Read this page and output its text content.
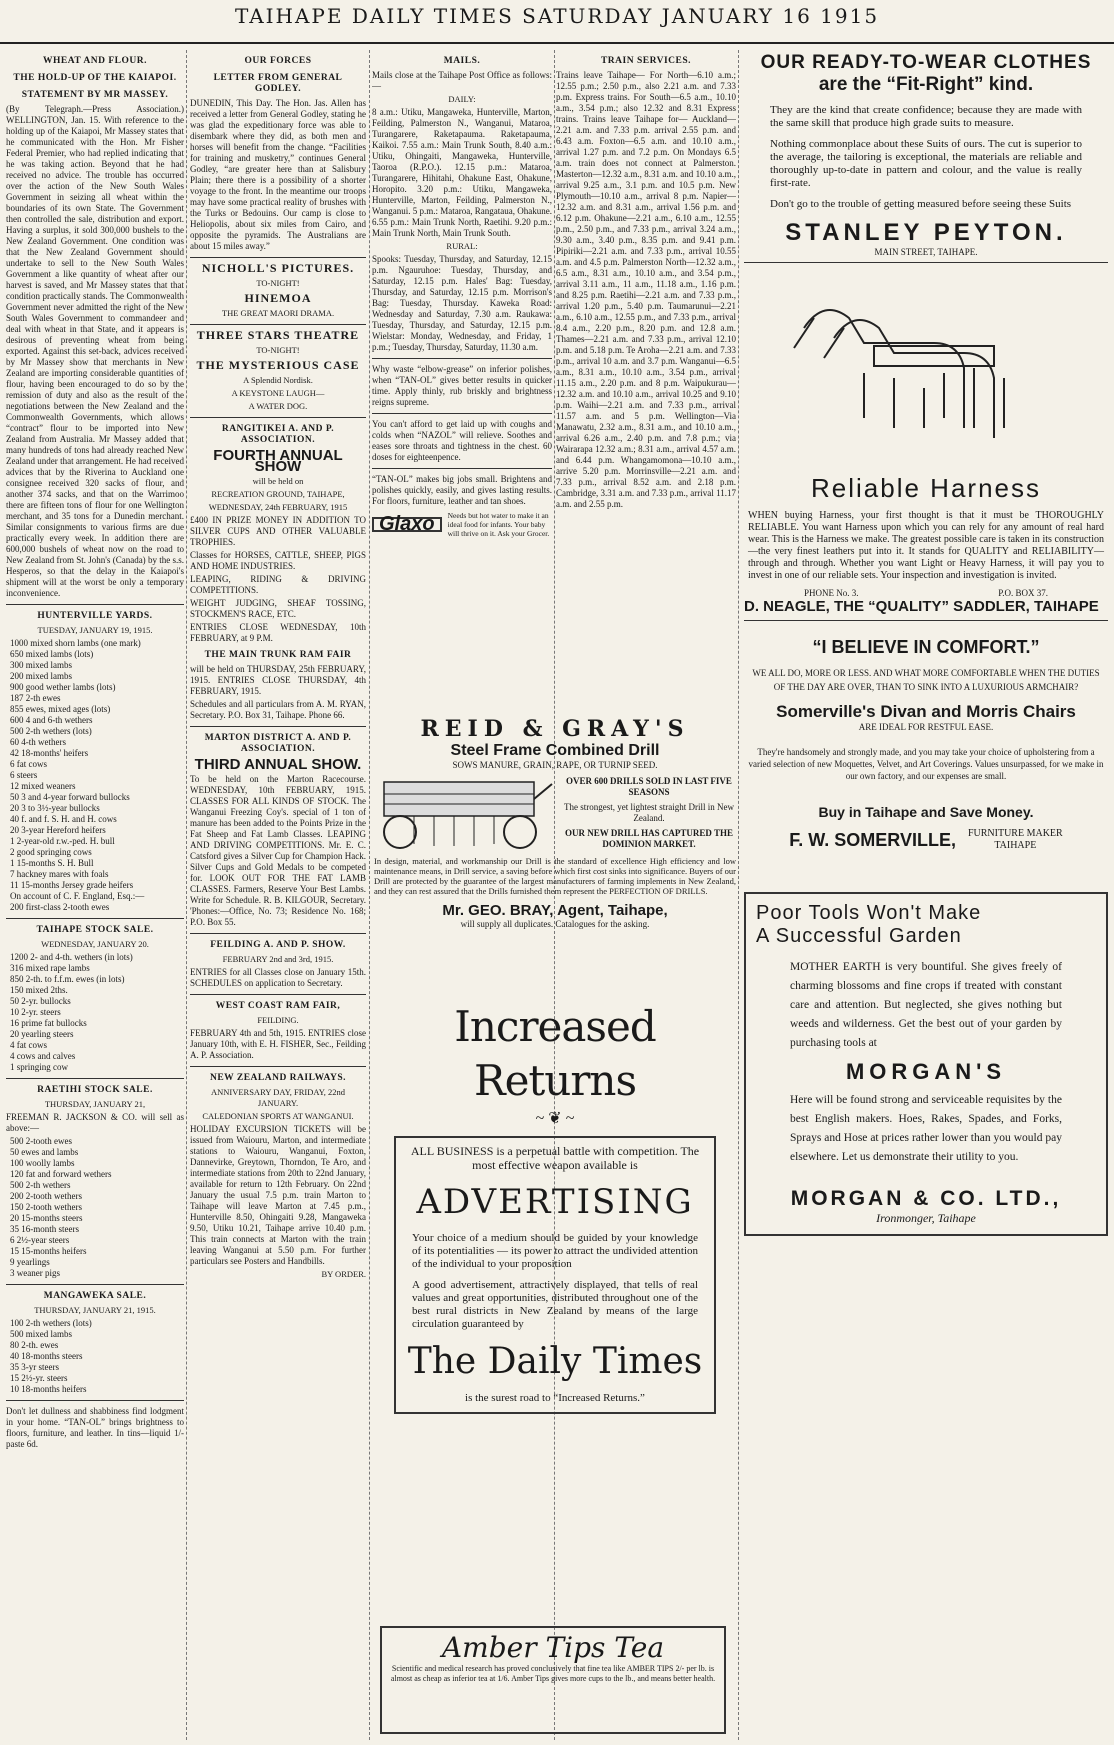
TAIHAPE DAILY TIMES SATURDAY JANUARY 16 1915
WHEAT AND FLOUR.
THE HOLD-UP OF THE KAIAPOI.
STATEMENT BY MR MASSEY.

(By Telegraph.—Press Association.) WELLINGTON, Jan. 15. With reference to the holding up of the Kaiapoi, Mr Massey states that he communicated with the Hon. Mr Fisher Federal Premier, who had replied indicating that he was taking action. Beyond that he had received no advice. The trouble has occurred over the action of the New South Wales Government in seizing all wheat within the boundaries of its own State. The Government then controlled the sale, distribution and export. Having a surplus, it sold 300,000 bushels to the New Zealand Government. One condition was that the New Zealand Government should undertake to sell to the New South Wales Government a like quantity of wheat after our harvest is saved, and Mr Massey states that that condition practically stands. The Commonwealth Government never admitted the right of the New South Wales Government to commandeer and deal with wheat in that State, and it appears is desirous of preventing wheat from being exported. Against this set-back, advices received by Mr Massey show that merchants in New Zealand are importing considerable quantities of flour, having been encouraged to do so by the remission of duty and also as the result of the negotiations between the New Zealand and the Commonwealth Governments, which allows “contract” flour to be imported into New Zealand from Australia. Mr Massey added that many hundreds of tons had already reached New Zealand under that arrangement. He had received advices that by the Riverina to Auckland one consignee received 320 sacks of flour, and another 374 sacks, and that on the Warrimoo there are fifteen tons of flour for one Wellington merchant, and 35 tons for a Dunedin merchant. Similar consignments to various firms are due practically every week. In addition there are 600,000 bushels of wheat now on the road to New Zealand from St. John's (Canada) by the s.s. Hesperos, so that the delay in the Kaiapoi's shipment will at the worst be only a temporary inconvenience.

HUNTERVILLE YARDS.
TUESDAY, JANUARY 19, 1915.
1000 mixed shorn lambs (one mark)
650 mixed lambs (lots)
300 mixed lambs
200 mixed lambs
900 good wether lambs (lots)
187 2-th ewes
855 ewes, mixed ages (lots)
600 4 and 6-th wethers
500 2-th wethers (lots)
60 4-th wethers
42 18-months' heifers
6 fat cows
6 steers
12 mixed weaners
50 3 and 4-year forward bullocks
20 3 to 3½-year bullocks
40 f. and f. S. H. and H. cows
20 3-year Hereford heifers
1 2-year-old r.w.-ped. H. bull
2 good springing cows
1 15-months S. H. Bull
7 hackney mares with foals
11 15-months Jersey grade heifers
On account of C. F. England, Esq.:—
200 first-class 2-tooth ewes
TAIHAPE STOCK SALE.
WEDNESDAY, JANUARY 20.
1200 2- and 4-th. wethers (in lots)
316 mixed rape lambs
850 2-th. to f.f.m. ewes (in lots)
150 mixed 2ths.
50 2-yr. bullocks
10 2-yr. steers
16 prime fat bullocks
20 yearling steers
4 fat cows
4 cows and calves
1 springing cow
RAETIHI STOCK SALE.
THURSDAY, JANUARY 21,

FREEMAN R. JACKSON & CO. will sell as above:—

500 2-tooth ewes
50 ewes and lambs
100 woolly lambs
120 fat and forward wethers
500 2-th wethers
200 2-tooth wethers
150 2-tooth wethers
20 15-months steers
35 16-month steers
6 2½-year steers
15 15-months heifers
9 yearlings
3 weaner pigs
MANGAWEKA SALE.
THURSDAY, JANUARY 21, 1915.
100 2-th wethers (lots)
500 mixed lambs
80 2-th. ewes
40 18-months steers
35 3-yr steers
15 2½-yr. steers
10 18-months heifers

Don't let dullness and shabbiness find lodgment in your home. “TAN-OL” brings brightness to floors, furniture, and leather. In tins—liquid 1/- paste 6d.

OUR FORCES
LETTER FROM GENERAL GODLEY.

DUNEDIN, This Day. The Hon. Jas. Allen has received a letter from General Godley, stating he was glad the expeditionary force was able to disembark where they did, as both men and horses will benefit from the change. “Facilities for training and musketry,” continues General Godley, “are greater here than at Salisbury Plain; there there is a possibility of a shorter voyage to the front. In the meantime our troops may have some practical reality of brushes with the Turks or Bedouins. Our camp is close to Heliopolis, about six miles from Cairo, and opposite the pyramids. The Australians are about 15 miles away.”

NICHOLL'S PICTURES.
TO-NIGHT!
HINEMOA
THE GREAT MAORI DRAMA.
THREE STARS THEATRE
TO-NIGHT!
THE MYSTERIOUS CASE
A Splendid Nordisk.
A KEYSTONE LAUGH—
A WATER DOG.
RANGITIKEI A. AND P. ASSOCIATION.
FOURTH ANNUAL SHOW
will be held on
RECREATION GROUND, TAIHAPE,
WEDNESDAY, 24th FEBRUARY, 1915

£400 IN PRIZE MONEY IN ADDITION TO SILVER CUPS AND OTHER VALUABLE TROPHIES.

Classes for HORSES, CATTLE, SHEEP, PIGS AND HOME INDUSTRIES.

LEAPING, RIDING & DRIVING COMPETITIONS.

WEIGHT JUDGING, SHEAF TOSSING, STOCKMEN'S RACE, ETC.

ENTRIES CLOSE WEDNESDAY, 10th FEBRUARY, at 9 P.M.

THE MAIN TRUNK RAM FAIR

will be held on THURSDAY, 25th FEBRUARY, 1915. ENTRIES CLOSE THURSDAY, 4th FEBRUARY, 1915.

Schedules and all particulars from A. M. RYAN, Secretary. P.O. Box 31, Taihape. Phone 66.

MARTON DISTRICT A. AND P. ASSOCIATION.
THIRD ANNUAL SHOW.

To be held on the Marton Racecourse. WEDNESDAY, 10th FEBRUARY, 1915. CLASSES FOR ALL KINDS OF STOCK. The Wanganui Freezing Coy's. special of 1 ton of manure has been added to the Points Prize in the Fat Sheep and Fat Lamb Classes. LEAPING AND DRIVING COMPETITIONS. Mr. E. C. Catsford gives a Silver Cup for Champion Hack. Silver Cups and Gold Medals to be competed for. LOOK OUT FOR THE FAT LAMB CLASSES. Farmers, Reserve Your Best Lambs. Write for Schedule. R. B. KILGOUR, Secretary. 'Phones:—Office, No. 73; Residence No. 168; P.O. Box 55.

FEILDING A. AND P. SHOW.
FEBRUARY 2nd and 3rd, 1915.

ENTRIES for all Classes close on January 15th. SCHEDULES on application to Secretary.

WEST COAST RAM FAIR,
FEILDING.

FEBRUARY 4th and 5th, 1915. ENTRIES close January 10th, with E. H. FISHER, Sec., Feilding A. P. Association.

NEW ZEALAND RAILWAYS.
ANNIVERSARY DAY, FRIDAY, 22nd JANUARY.
CALEDONIAN SPORTS AT WANGANUI.

HOLIDAY EXCURSION TICKETS will be issued from Waiouru, Marton, and intermediate stations to Waiouru, Wanganui, Foxton, Dannevirke, Greytown, Thorndon, Te Aro, and intermediate stations from 20th to 22nd January, available for return to 12th February. On 22nd January the usual 7.5 p.m. train Marton to Taihape will leave Marton at 7.45 p.m., Hunterville 8.50, Ohingaiti 9.28, Mangaweka 9.50, Utiku 10.21, Taihape arrive 10.40 p.m. This train connects at Marton with the train leaving Wanganui at 5.50 p.m. For further particulars see Posters and Handbills.

BY ORDER.
MAILS.

Mails close at the Taihape Post Office as follows:—

DAILY:

8 a.m.: Utiku, Mangaweka, Hunterville, Marton, Feilding, Palmerston N., Wanganui, Mataroa, Turangarere, Raketapauma. Raketapauma, Kaikoi. 7.55 a.m.: Main Trunk South, 8.40 a.m.: Utiku, Ohingaiti, Mangaweka, Hunterville, Taoroa (R.P.O.). 12.15 p.m.: Mataroa, Turangarere, Hihitahi, Ohakune East, Ohakune, Horopito. 3.20 p.m.: Utiku, Mangaweka, Hunterville, Marton, Feilding, Palmerston N., Wanganui. 5 p.m.: Mataroa, Rangataua, Ohakune. 6.55 p.m.: Main Trunk North, Raetihi. 9.20 p.m.: Main Trunk North, Main Trunk South.

RURAL:

Spooks: Tuesday, Thursday, and Saturday, 12.15 p.m. Ngauruhoe: Tuesday, Thursday, and Saturday, 12.15 p.m. Hales' Bag: Tuesday, Thursday, and Saturday, 12.15 p.m. Morrison's Bag: Tuesday, Thursday. Kaweka Road: Wednesday and Saturday, 7.30 a.m. Raukawa: Tuesday, Thursday, and Saturday, 12.15 p.m. Wielstar: Monday, Wednesday, and Friday, 1 p.m.; Tuesday, Thursday, Saturday, 11.30 a.m.

Why waste “elbow-grease” on inferior polishes, when “TAN-OL” gives better results in quicker time. Apply thinly, rub briskly and brightness reigns supreme.

You can't afford to get laid up with coughs and colds when “NAZOL” will relieve. Soothes and eases sore throats and tightness in the chest. 60 doses for eighteenpence.

“TAN-OL” makes big jobs small. Brightens and polishes quickly, easily, and gives lasting results. For floors, furniture, leather and tan shoes.

Glaxo	Needs but hot water to make it an ideal food for infants. Your baby will thrive on it. Ask your Grocer.
TRAIN SERVICES.

Trains leave Taihape— For North—6.10 a.m.; 12.55 p.m.; 2.50 p.m., also 2.21 a.m. and 7.33 p.m. Express trains. For South—6.5 a.m., 10.10 a.m., 3.54 p.m.; also 12.32 and 8.31 Express trains. Trains leave Taihape for— Auckland—2.21 a.m. and 7.33 p.m. arrival 2.55 p.m. and 6.43 a.m. Foxton—6.5 a.m. and 10.10 a.m., arrival 1.27 p.m. and 7.2 p.m. On Mondays 6.5 a.m. train does not connect at Palmerston. Masterton—12.32 a.m., 8.31 a.m. and 10.10 a.m., arrival 9.25 a.m., 3.1 p.m. and 10.5 p.m. New Plymouth—10.10 a.m., arrival 8 p.m. Napier—12.32 a.m. and 8.31 a.m., arrival 1.56 p.m. and 6.12 p.m. Ohakune—2.21 a.m., 6.10 a.m., 12.55 p.m., 2.50 p.m., and 7.33 p.m., arrival 3.24 a.m., 9.30 a.m., 3.40 p.m., 8.35 p.m. and 9.41 p.m. Pipiriki—2.21 a.m. and 7.33 p.m., arrival 10.55 a.m. and 4.5 p.m. Palmerston North—12.32 a.m., 6.5 a.m., 8.31 a.m., 10.10 a.m., and 3.54 p.m., arrival 3.11 a.m., 11 a.m., 11.18 a.m., 1.16 p.m. and 8.25 p.m. Raetihi—2.21 a.m. and 7.33 p.m., arrival 1.20 p.m., 5.40 p.m. Taumarunui—2.21 a.m., 6.10 a.m., 12.55 p.m., and 7.33 p.m., arrival 8.4 a.m., 2.20 p.m., 8.20 p.m. and 12.8 a.m. Thames—2.21 a.m. and 7.33 p.m., arrival 12.10 p.m. and 5.18 p.m. Te Aroha—2.21 a.m. and 7.33 p.m., arrival 10 a.m. and 3.7 p.m. Wanganui—6.5 a.m., 8.31 a.m., 10.10 a.m., 3.54 p.m., arrival 11.15 a.m., 2.20 p.m. and 8 p.m. Waipukurau—12.32 a.m. and 10.10 a.m., arrival 10.25 and 9.10 p.m. Waihi—2.21 a.m. and 7.33 p.m., arrival 11.57 a.m. and 5 p.m. Wellington—Via Manawatu, 2.32 a.m., 8.31 a.m., and 10.10 a.m., arrival 6.26 a.m., 2.40 p.m. and 7.8 p.m.; via Wairarapa 12.32 a.m.; 8.31 a.m., arrival 4.57 a.m. and 6.44 p.m. Whangamomona—10.10 a.m., arrive 5.20 p.m. Morrinsville—2.21 a.m. and 7.33 p.m., arrival 8.52 a.m. and 2.18 p.m. Cambridge, 3.31 a.m. and 7.33 p.m., arrival 11.17 a.m. and 2.55 p.m.

REID & GRAY'S
Steel Frame Combined Drill
SOWS MANURE, GRAIN, RAPE, OR TURNIP SEED.
OVER 600 DRILLS SOLD IN LAST FIVE SEASONS
The strongest, yet lightest straight Drill in New Zealand.
OUR NEW DRILL HAS CAPTURED THE DOMINION MARKET.

In design, material, and workmanship our Drill is the standard of excellence High efficiency and low maintenance means, in Drill service, a saving before which first cost sinks into significance. Buyers of our Drill are protected by the guarantee of the largest manufacturers of farming implements in New Zealand, and they can rest assured that the Drills furnished them represent the PERFECTION OF DRILLS.

Mr. GEO. BRAY, Agent, Taihape,
will supply all duplicates. Catalogues for the asking.
Increased Returns
~ ❦ ~

ALL BUSINESS is a perpetual battle with competition. The most effective weapon available is

ADVERTISING

Your choice of a medium should be guided by your knowledge of its potentialities — its power to attract the undivided attention of the individual to your proposition

A good advertisement, attractively displayed, that tells of real values and great opportunities, distributed throughout one of the best rural districts in New Zealand by means of the large circulation guaranteed by

The Daily Times

is the surest road to “Increased Returns.”

Amber Tips Tea

Scientific and medical research has proved conclusively that fine tea like AMBER TIPS 2/- per lb. is almost as cheap as inferior tea at 1/6. Amber Tips gives more cups to the lb., and means better health.

OUR READY-TO-WEAR CLOTHES
are the “Fit-Right” kind.

They are the kind that create confidence; because they are made with the same skill that produce high grade suits to measure.

Nothing commonplace about these Suits of ours. The cut is superior to the average, the tailoring is exceptional, the materials are reliable and thoroughly up-to-date in pattern and colour, and the value is really first-rate.

Don't go to the trouble of getting measured before seeing these Suits

STANLEY PEYTON.
MAIN STREET, TAIHAPE.
Reliable Harness

WHEN buying Harness, your first thought is that it must be THOROUGHLY RELIABLE. You want Harness upon which you can rely for any amount of real hard wear. This is the Harness we make. The greatest possible care is taken in its construction—the very finest leathers put into it. It stands for QUALITY and RELIABILITY—through and through. Whether you want Light or Heavy Harness, it will pay you to invest in one of our reliable sets. Your inspection and investigation is invited.

PHONE No. 3.	P.O. BOX 37.
D. NEAGLE, THE “QUALITY” SADDLER, TAIHAPE
“I BELIEVE IN COMFORT.”

WE ALL DO, MORE OR LESS. AND WHAT MORE COMFORTABLE WHEN THE DUTIES OF THE DAY ARE OVER, THAN TO SINK INTO A LUXURIOUS ARMCHAIR?

Somerville's Divan and Morris Chairs
ARE IDEAL FOR RESTFUL EASE.

They're handsomely and strongly made, and you may take your choice of upholstering from a varied selection of new Moquettes, Velvet, and Art Coverings. Values unsurpassed, for we make in our own factory, and our expenses are small.

Buy in Taihape and Save Money.
F. W. SOMERVILLE, FURNITURE MAKER
TAIHAPE
Poor Tools Won't Make
A Successful Garden

MOTHER EARTH is very bountiful. She gives freely of charming blossoms and fine crops if treated with constant care and attention. But neglected, she gives nothing but weeds and wilderness. Get the best out of your garden by purchasing tools at

MORGAN'S

Here will be found strong and serviceable requisites by the best English makers. Hoes, Rakes, Spades, and Forks, Sprays and Hose at prices rather lower than you would pay elsewhere. Let us demonstrate their utility to you.

MORGAN & CO. LTD.,
Ironmonger, Taihape
